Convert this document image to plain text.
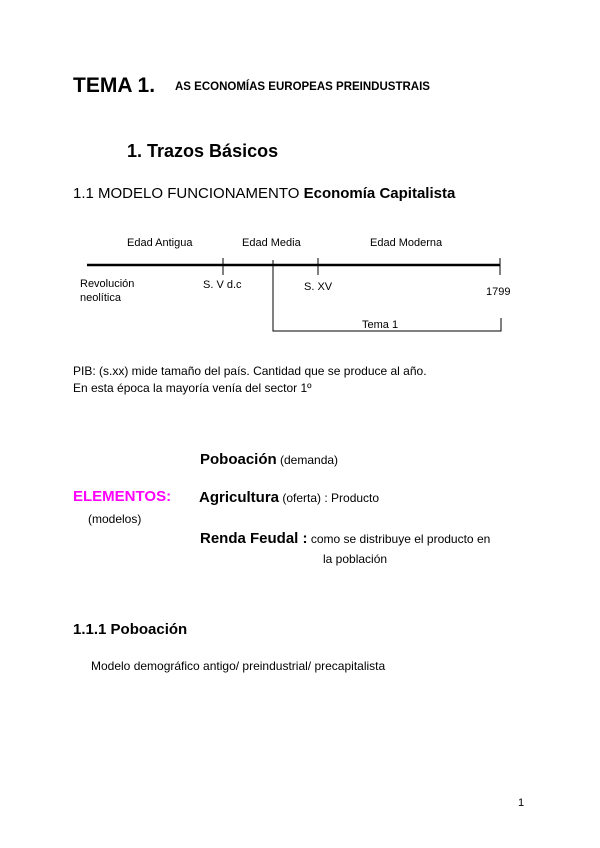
TEMA 1. AS ECONOMÍAS EUROPEAS PREINDUSTRAIS
1. Trazos Básicos
1.1 MODELO FUNCIONAMENTO Economía Capitalista
Edad Antigua	Edad Media	Edad Moderna
Revolución
neolítica
S. V d.c	S. XV	1799
Tema 1
PIB: (s.xx) mide tamaño del país. Cantidad que se produce al año.
En esta época la mayoría venía del sector 1º
Poboación (demanda)
ELEMENTOS: Agricultura (oferta) : Producto
(modelos)
Renda Feudal : como se distribuye el producto en
la población
1.1.1 Poboación
Modelo demográfico antigo/ preindustrial/ precapitalista
1
